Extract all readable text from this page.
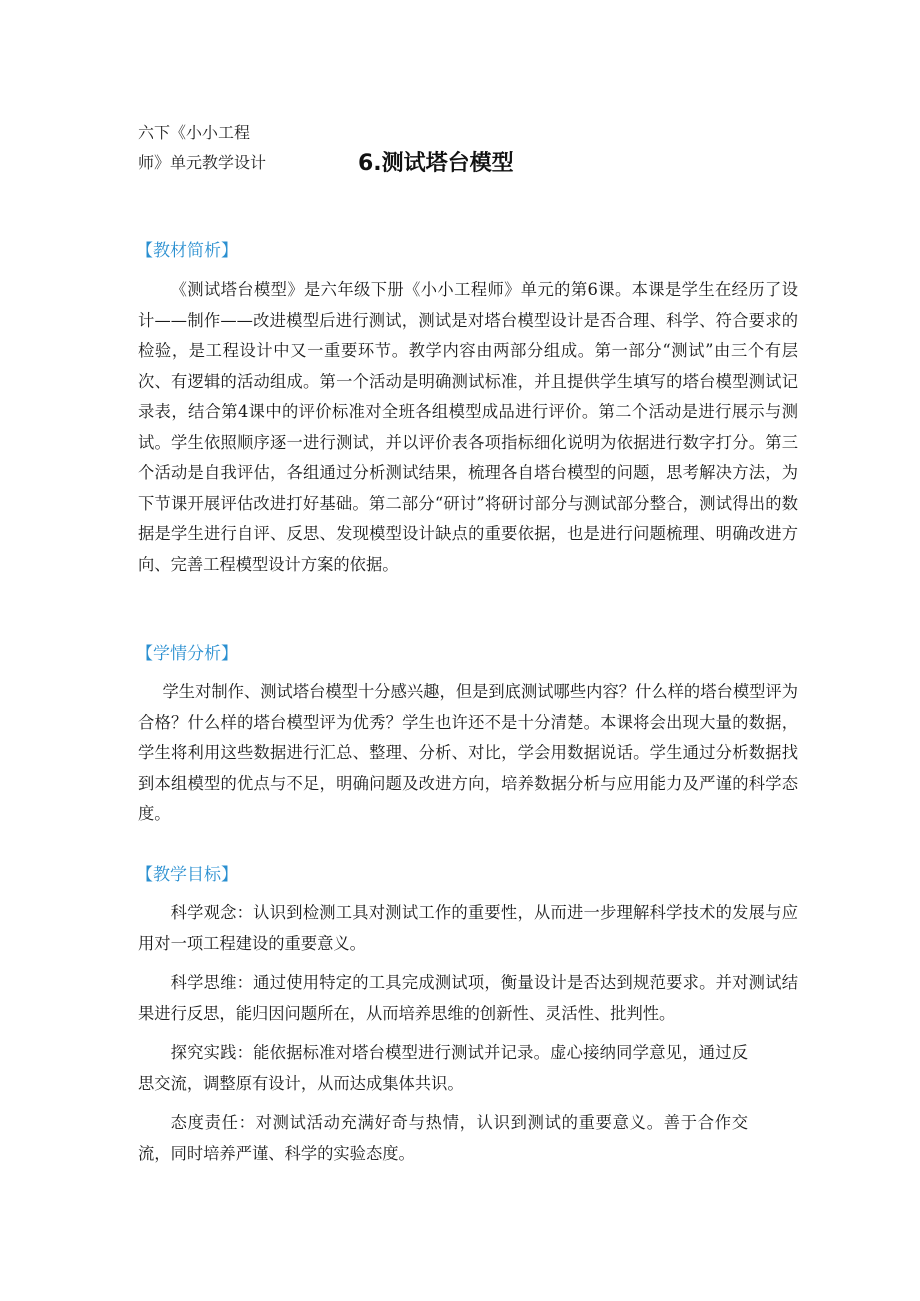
六下《小小工程
师》单元教学设计	6.测试塔台模型
【教材简析】
《测试塔台模型》是六年级下册《小小工程师》单元的第6课。本课是学生在经历了设计——制作——改进模型后进行测试，测试是对塔台模型设计是否合理、科学、符合要求的检验，是工程设计中又一重要环节。教学内容由两部分组成。第一部分“测试”由三个有层次、有逻辑的活动组成。第一个活动是明确测试标准，并且提供学生填写的塔台模型测试记录表，结合第4课中的评价标准对全班各组模型成品进行评价。第二个活动是进行展示与测试。学生依照顺序逐一进行测试，并以评价表各项指标细化说明为依据进行数字打分。第三个活动是自我评估，各组通过分析测试结果，梳理各自塔台模型的问题，思考解决方法，为下节课开展评估改进打好基础。第二部分“研讨”将研讨部分与测试部分整合，测试得出的数据是学生进行自评、反思、发现模型设计缺点的重要依据，也是进行问题梳理、明确改进方向、完善工程模型设计方案的依据。
【学情分析】
学生对制作、测试塔台模型十分感兴趣，但是到底测试哪些内容？什么样的塔台模型评为合格？什么样的塔台模型评为优秀？学生也许还不是十分清楚。本课将会出现大量的数据，学生将利用这些数据进行汇总、整理、分析、对比，学会用数据说话。学生通过分析数据找到本组模型的优点与不足，明确问题及改进方向，培养数据分析与应用能力及严谨的科学态度。
【教学目标】
科学观念：认识到检测工具对测试工作的重要性，从而进一步理解科学技术的发展与应用对一项工程建设的重要意义。
科学思维：通过使用特定的工具完成测试项，衡量设计是否达到规范要求。并对测试结果进行反思，能归因问题所在，从而培养思维的创新性、灵活性、批判性。
探究实践：能依据标准对塔台模型进行测试并记录。虚心接纳同学意见，通过反思交流，调整原有设计，从而达成集体共识。
态度责任：对测试活动充满好奇与热情，认识到测试的重要意义。善于合作交流，同时培养严谨、科学的实验态度。
